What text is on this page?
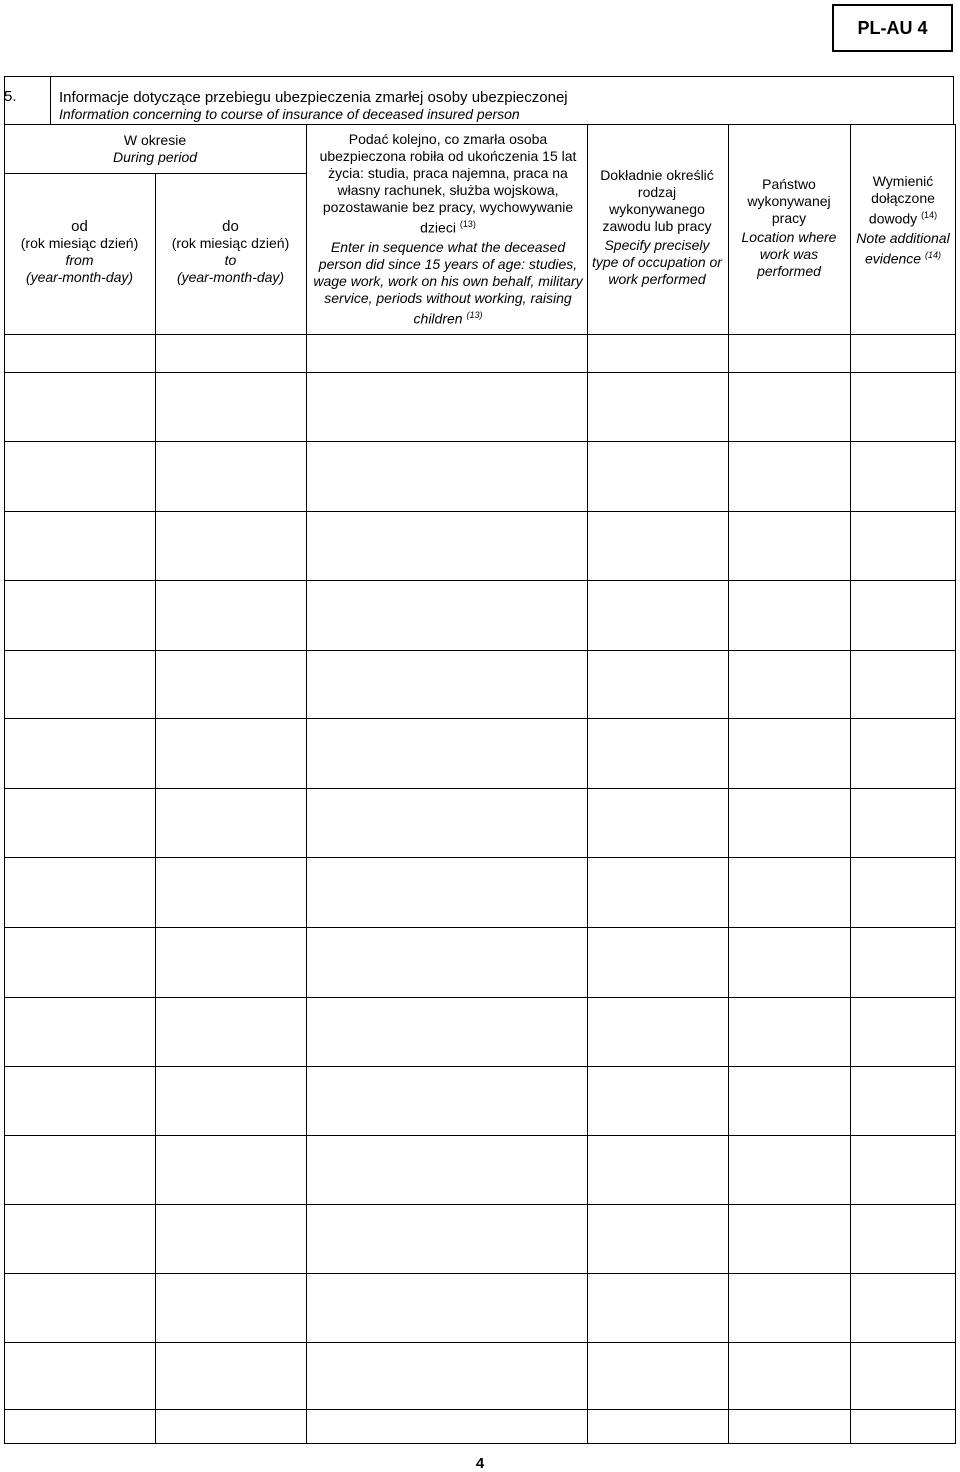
PL-AU 4
5.	Informacje dotyczące przebiegu ubezpieczenia zmarłej osoby ubezpieczonej
Information concerning to course of insurance of deceased insured person
W okresie
During period
od
(rok miesiąc dzień)
from
(year-month-day)
do
(rok miesiąc dzień)
to
(year-month-day)
Podać kolejno, co zmarła osoba ubezpieczona robiła od ukończenia 15 lat życia: studia, praca najemna, praca na własny rachunek, służba wojskowa, pozostawanie bez pracy, wychowywanie dzieci $^{(13)}$
Enter in sequence what the deceased person did since 15 years of age: studies, wage work, work on his own behalf, military service, periods without working, raising children $^{(13)}$
Dokładnie określić rodzaj wykonywanego zawodu lub pracy
Specify precisely type of occupation or work performed
Państwo wykonywanej pracy
Location where work was performed
Wymienić dołączone dowody $^{(14)}$
Note additional evidence $^{(14)}$
4
